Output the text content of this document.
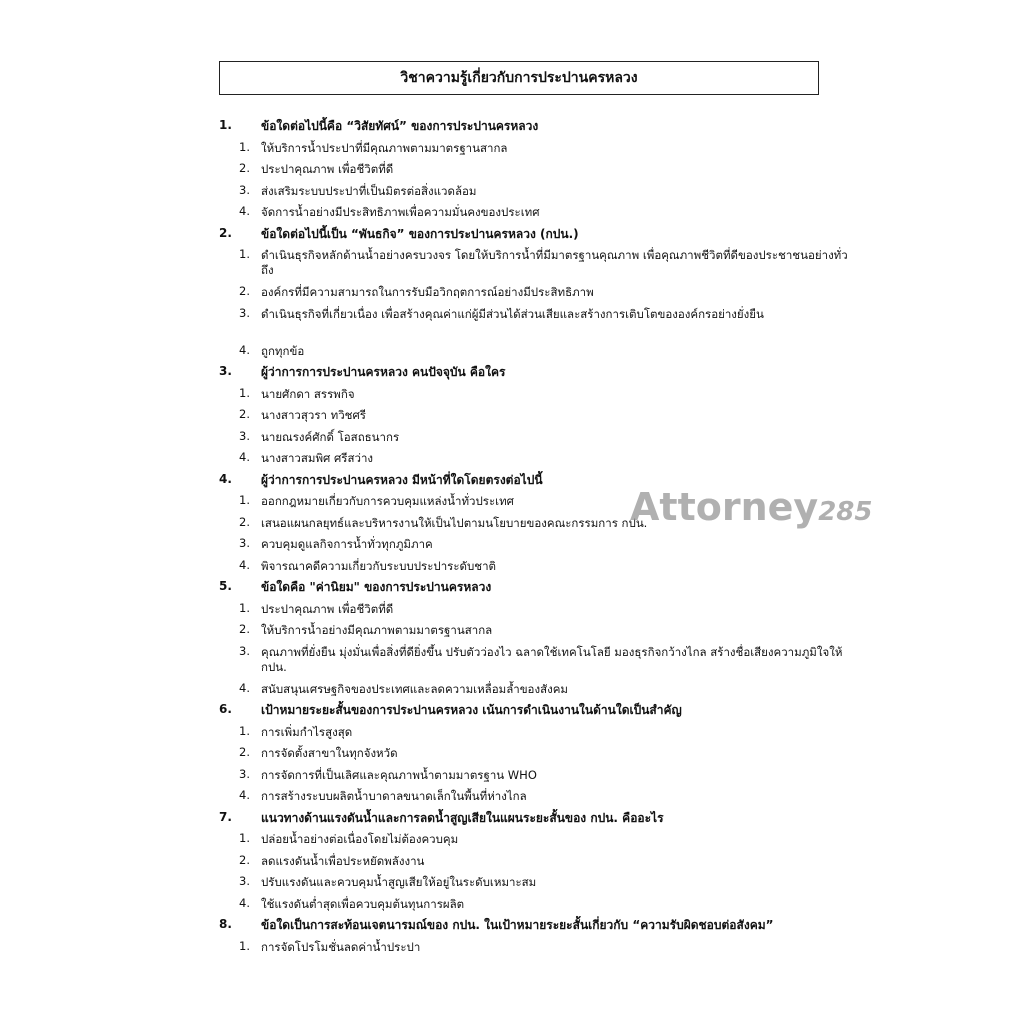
วิชาความรู้เกี่ยวกับการประปานครหลวง
1.	ข้อใดต่อไปนี้คือ “วิสัยทัศน์” ของการประปานครหลวง
1. ให้บริการน้ำประปาที่มีคุณภาพตามมาตรฐานสากล
2. ประปาคุณภาพ เพื่อชีวิตที่ดี
3. ส่งเสริมระบบประปาที่เป็นมิตรต่อสิ่งแวดล้อม
4. จัดการน้ำอย่างมีประสิทธิภาพเพื่อความมั่นคงของประเทศ
2.	ข้อใดต่อไปนี้เป็น “พันธกิจ” ของการประปานครหลวง (กปน.)
1. ดำเนินธุรกิจหลักด้านน้ำอย่างครบวงจร โดยให้บริการน้ำที่มีมาตรฐานคุณภาพ เพื่อคุณภาพชีวิตที่ดีของประชาชนอย่างทั่วถึง
2. องค์กรที่มีความสามารถในการรับมือวิกฤตการณ์อย่างมีประสิทธิภาพ
3. ดำเนินธุรกิจที่เกี่ยวเนื่อง เพื่อสร้างคุณค่าแก่ผู้มีส่วนได้ส่วนเสียและสร้างการเติบโตขององค์กรอย่างยั่งยืน
4. ถูกทุกข้อ
3.	ผู้ว่าการการประปานครหลวง คนปัจจุบัน คือใคร
1. นายศักดา สรรพกิจ
2. นางสาวสุวรา ทวิชศรี
3. นายณรงค์ศักดิ์ โอสถธนากร
4. นางสาวสมพิศ ศรีสว่าง
4.	ผู้ว่าการการประปานครหลวง มีหน้าที่ใดโดยตรงต่อไปนี้
1. ออกกฎหมายเกี่ยวกับการควบคุมแหล่งน้ำทั่วประเทศ
2. เสนอแผนกลยุทธ์และบริหารงานให้เป็นไปตามนโยบายของคณะกรรมการ กปน.
3. ควบคุมดูแลกิจการน้ำทั่วทุกภูมิภาค
4. พิจารณาคดีความเกี่ยวกับระบบประปาระดับชาติ
5.	ข้อใดคือ "ค่านิยม" ของการประปานครหลวง
1. ประปาคุณภาพ เพื่อชีวิตที่ดี
2. ให้บริการน้ำอย่างมีคุณภาพตามมาตรฐานสากล
3. คุณภาพที่ยั่งยืน มุ่งมั่นเพื่อสิ่งที่ดียิ่งขึ้น ปรับตัวว่องไว ฉลาดใช้เทคโนโลยี มองธุรกิจกว้างไกล สร้างชื่อเสียงความภูมิใจให้ กปน.
4. สนับสนุนเศรษฐกิจของประเทศและลดความเหลื่อมล้ำของสังคม
6.	เป้าหมายระยะสั้นของการประปานครหลวง เน้นการดำเนินงานในด้านใดเป็นสำคัญ
1. การเพิ่มกำไรสูงสุด
2. การจัดตั้งสาขาในทุกจังหวัด
3. การจัดการที่เป็นเลิศและคุณภาพน้ำตามมาตรฐาน WHO
4. การสร้างระบบผลิตน้ำบาดาลขนาดเล็กในพื้นที่ห่างไกล
7.	แนวทางด้านแรงดันน้ำและการลดน้ำสูญเสียในแผนระยะสั้นของ กปน. คืออะไร
1. ปล่อยน้ำอย่างต่อเนื่องโดยไม่ต้องควบคุม
2. ลดแรงดันน้ำเพื่อประหยัดพลังงาน
3. ปรับแรงดันและควบคุมน้ำสูญเสียให้อยู่ในระดับเหมาะสม
4. ใช้แรงดันต่ำสุดเพื่อควบคุมต้นทุนการผลิต
8.	ข้อใดเป็นการสะท้อนเจตนารมณ์ของ กปน. ในเป้าหมายระยะสั้นเกี่ยวกับ “ความรับผิดชอบต่อสังคม”
1. การจัดโปรโมชั่นลดค่าน้ำประปา
Attorney285
